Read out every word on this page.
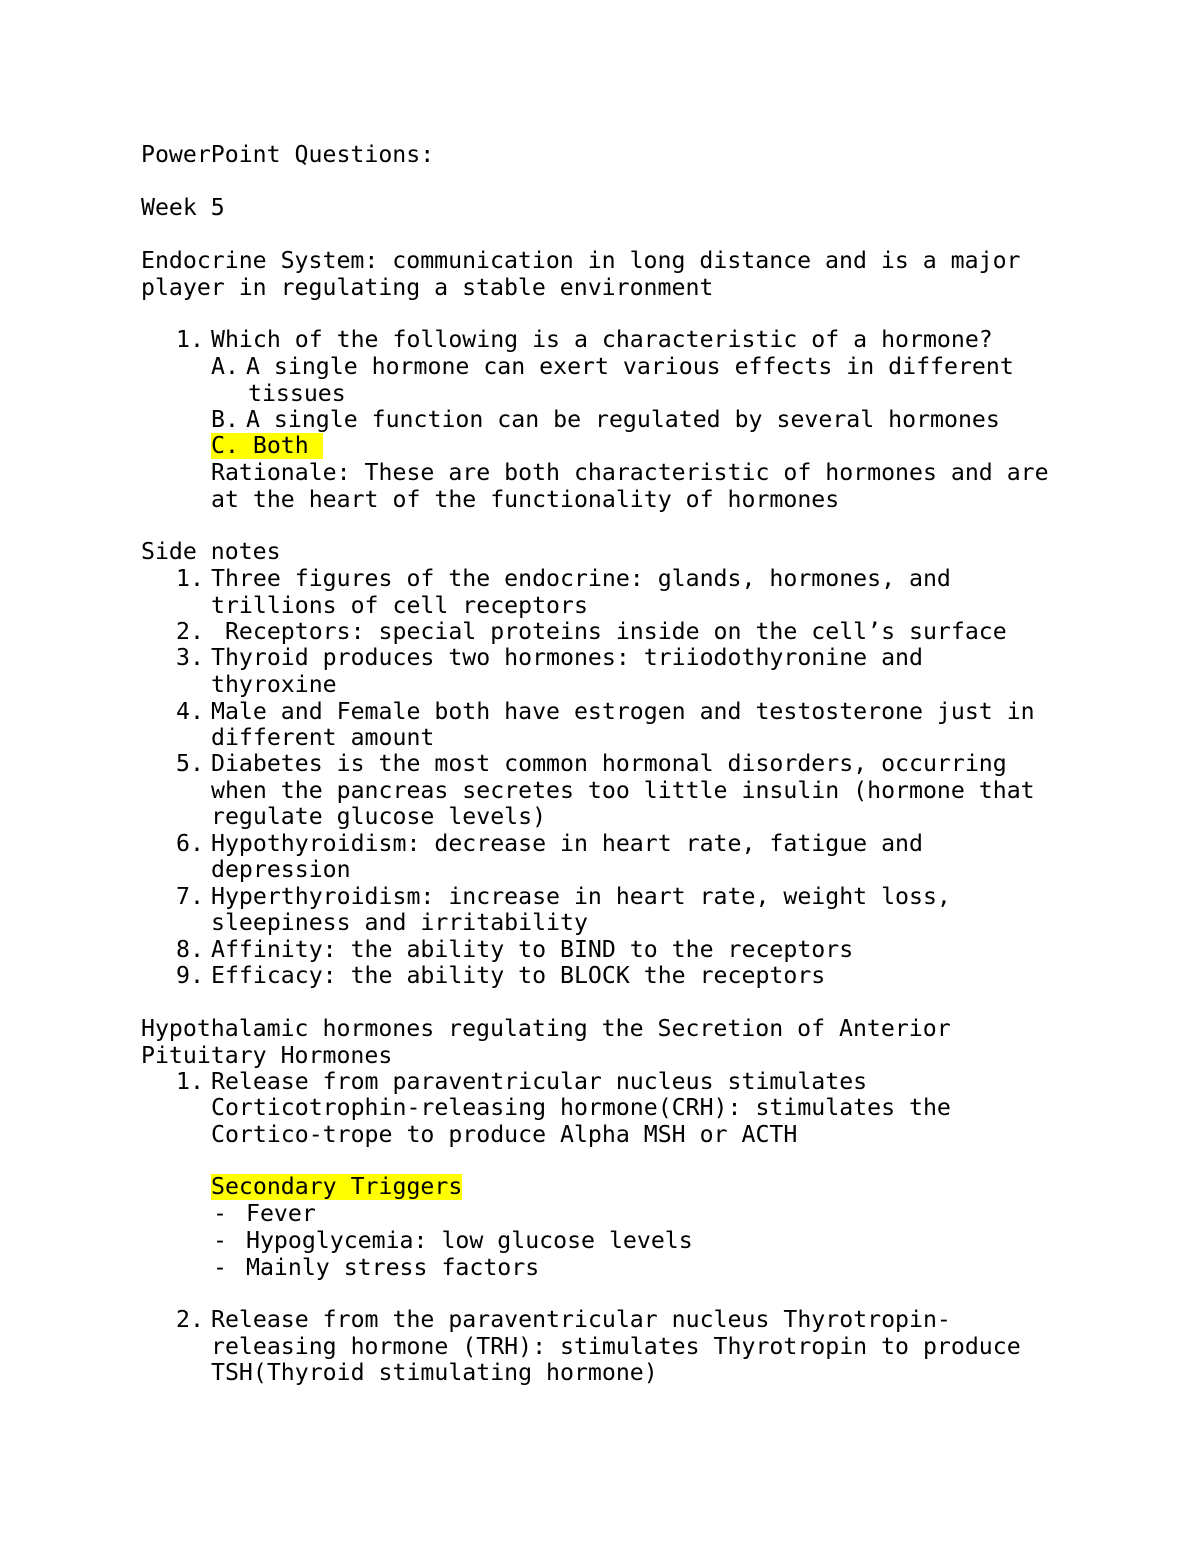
PowerPoint Questions:
Week 5
Endocrine System: communication in long distance and is a major
player in regulating a stable environment
1. Which of the following is a characteristic of a hormone?
A. A single hormone can exert various effects in different
tissues
B. A single function can be regulated by several hormones
C. Both
Rationale: These are both characteristic of hormones and are
at the heart of the functionality of hormones
Side notes
1. Three figures of the endocrine: glands, hormones, and
trillions of cell receptors
2. Receptors: special proteins inside on the cell’s surface
3. Thyroid produces two hormones: triiodothyronine and
thyroxine
4. Male and Female both have estrogen and testosterone just in
different amount
5. Diabetes is the most common hormonal disorders, occurring
when the pancreas secretes too little insulin (hormone that
regulate glucose levels)
6. Hypothyroidism: decrease in heart rate, fatigue and
depression
7. Hyperthyroidism: increase in heart rate, weight loss,
sleepiness and irritability
8. Affinity: the ability to BIND to the receptors
9. Efficacy: the ability to BLOCK the receptors
Hypothalamic hormones regulating the Secretion of Anterior
Pituitary Hormones
1. Release from paraventricular nucleus stimulates
Corticotrophin-releasing hormone(CRH): stimulates the
Cortico-trope to produce Alpha MSH or ACTH
Secondary Triggers
- Fever
- Hypoglycemia: low glucose levels
- Mainly stress factors
2. Release from the paraventricular nucleus Thyrotropin-
releasing hormone (TRH): stimulates Thyrotropin to produce
TSH(Thyroid stimulating hormone)
